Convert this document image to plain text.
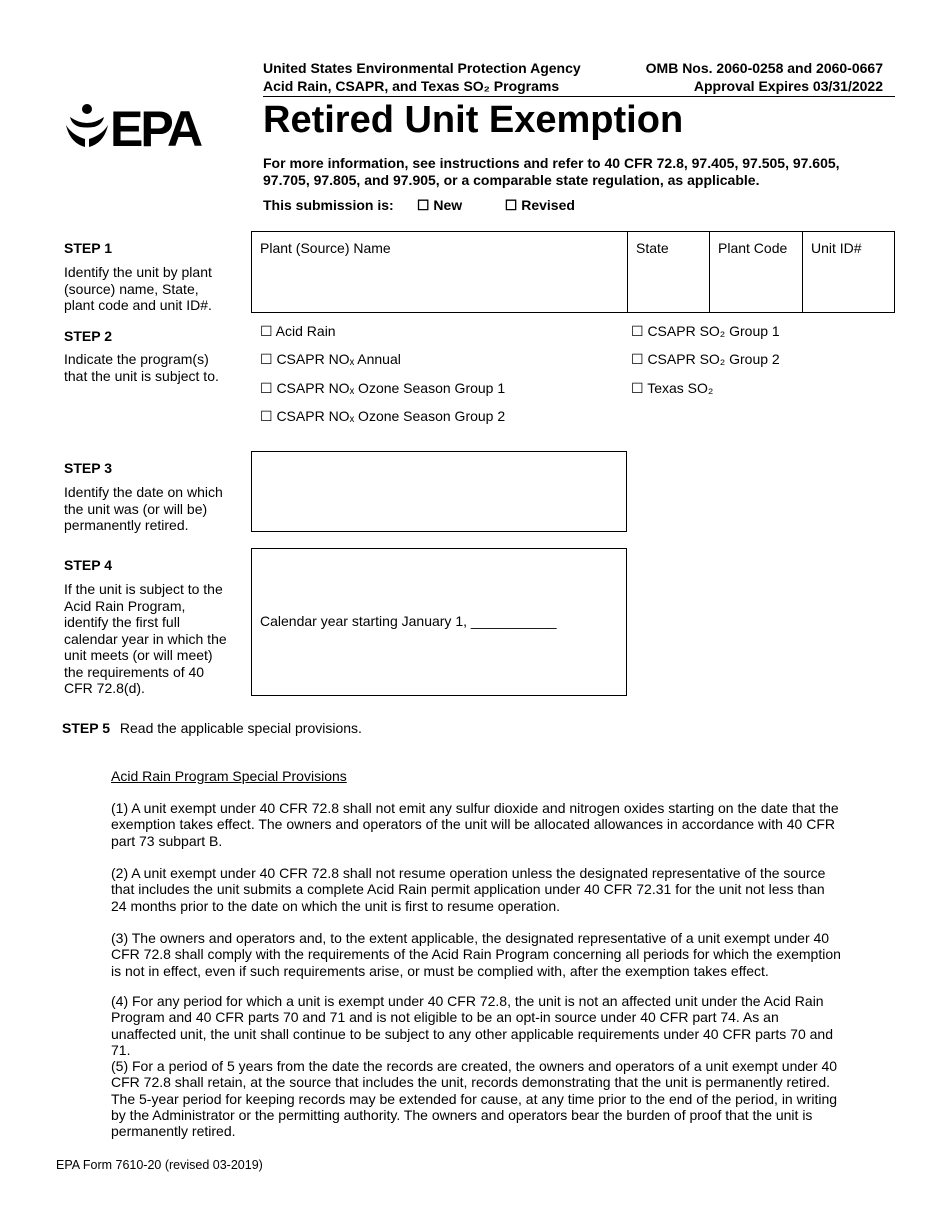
United States Environmental Protection Agency
Acid Rain, CSAPR, and Texas SO₂ Programs
OMB Nos. 2060-0258 and 2060-0667
Approval Expires 03/31/2022
EPA Retired Unit Exemption
For more information, see instructions and refer to 40 CFR 72.8, 97.405, 97.505, 97.605, 97.705, 97.805, and 97.905, or a comparable state regulation, as applicable.
This submission is: ☐ New	☐ Revised
STEP 1
Identify the unit by plant (source) name, State, plant code and unit ID#.
Plant (Source) Name	State	Plant Code	Unit ID#
STEP 2
Indicate the program(s) that the unit is subject to.
☐ Acid Rain
☐ CSAPR NOₓ Annual
☐ CSAPR NOₓ Ozone Season Group 1
☐ CSAPR NOₓ Ozone Season Group 2
☐ CSAPR SO₂ Group 1
☐ CSAPR SO₂ Group 2
☐ Texas SO₂
STEP 3
Identify the date on which the unit was (or will be) permanently retired.
STEP 4
If the unit is subject to the Acid Rain Program, identify the first full calendar year in which the unit meets (or will meet) the requirements of 40 CFR 72.8(d).
Calendar year starting January 1, ___________
STEP 5 Read the applicable special provisions.
Acid Rain Program Special Provisions
(1) A unit exempt under 40 CFR 72.8 shall not emit any sulfur dioxide and nitrogen oxides starting on the date that the exemption takes effect. The owners and operators of the unit will be allocated allowances in accordance with 40 CFR part 73 subpart B.
(2) A unit exempt under 40 CFR 72.8 shall not resume operation unless the designated representative of the source that includes the unit submits a complete Acid Rain permit application under 40 CFR 72.31 for the unit not less than 24 months prior to the date on which the unit is first to resume operation.
(3) The owners and operators and, to the extent applicable, the designated representative of a unit exempt under 40 CFR 72.8 shall comply with the requirements of the Acid Rain Program concerning all periods for which the exemption is not in effect, even if such requirements arise, or must be complied with, after the exemption takes effect.
(4) For any period for which a unit is exempt under 40 CFR 72.8, the unit is not an affected unit under the Acid Rain Program and 40 CFR parts 70 and 71 and is not eligible to be an opt-in source under 40 CFR part 74. As an unaffected unit, the unit shall continue to be subject to any other applicable requirements under 40 CFR parts 70 and 71.
(5) For a period of 5 years from the date the records are created, the owners and operators of a unit exempt under 40 CFR 72.8 shall retain, at the source that includes the unit, records demonstrating that the unit is permanently retired. The 5-year period for keeping records may be extended for cause, at any time prior to the end of the period, in writing by the Administrator or the permitting authority. The owners and operators bear the burden of proof that the unit is permanently retired.
EPA Form 7610-20 (revised 03-2019)
